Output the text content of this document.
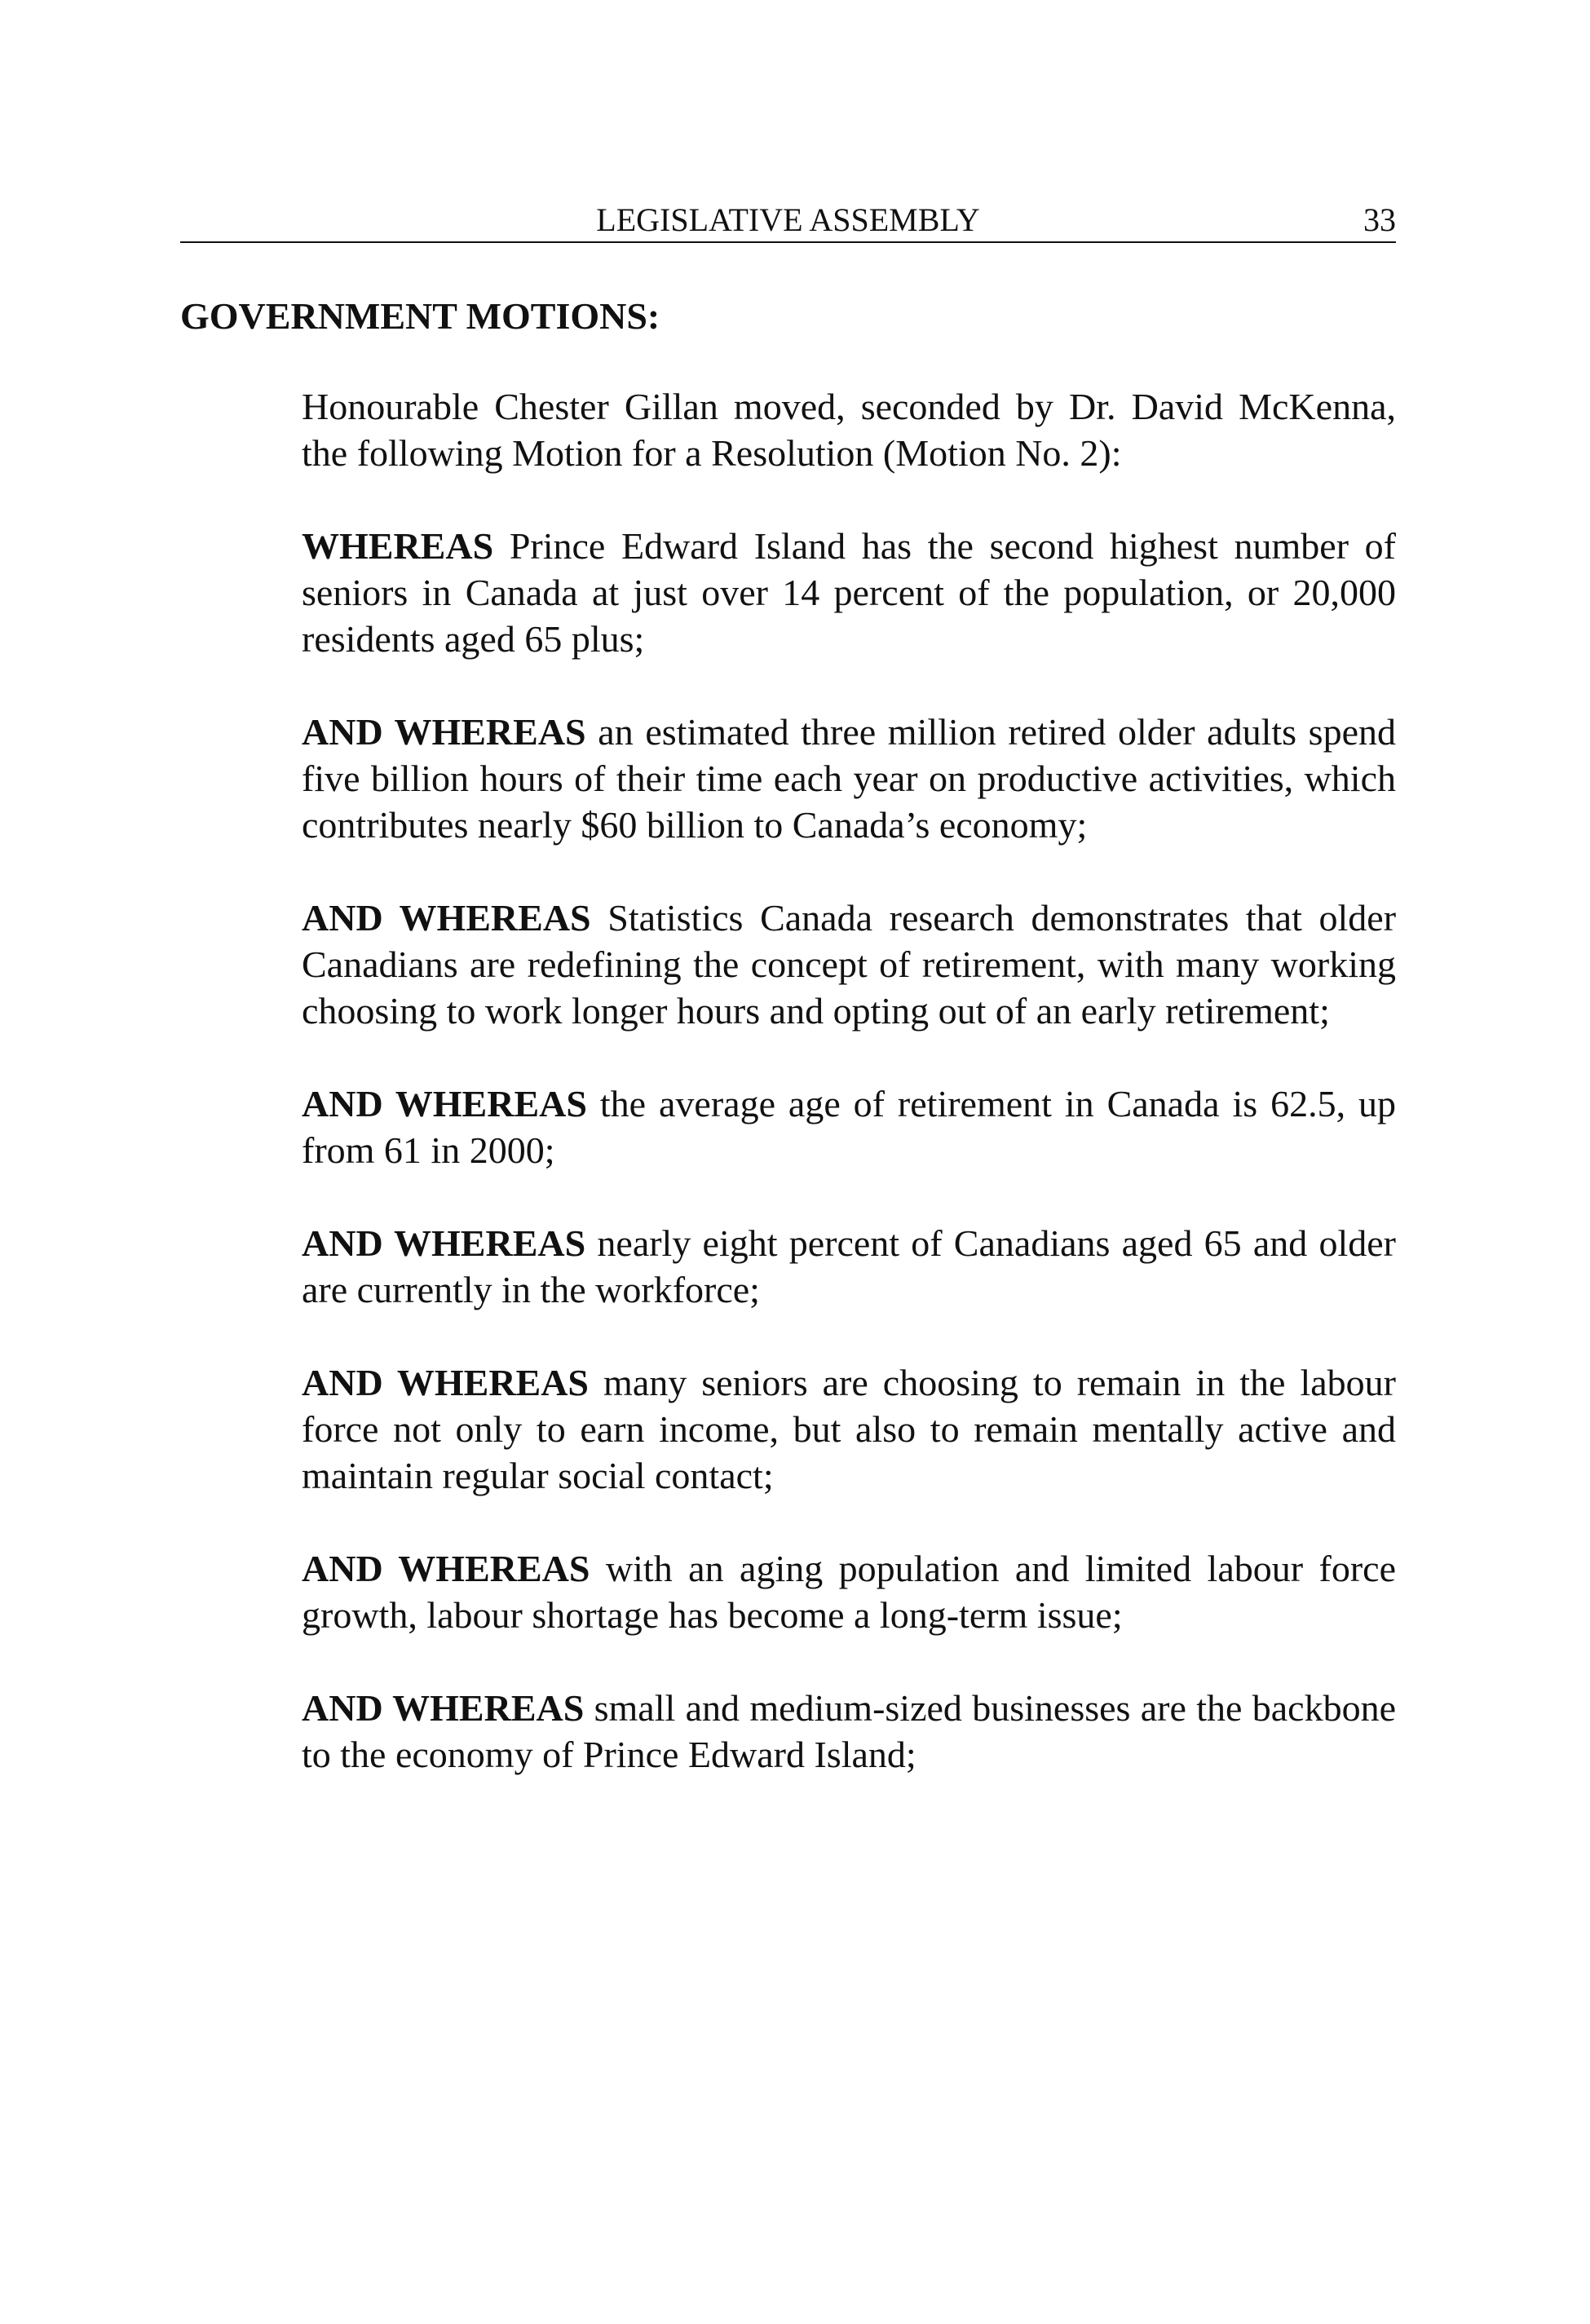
LEGISLATIVE ASSEMBLY	33
GOVERNMENT MOTIONS:

Honourable Chester Gillan moved, seconded by Dr. David McKenna, the following Motion for a Resolution (Motion No. 2):

WHEREAS Prince Edward Island has the second highest number of seniors in Canada at just over 14 percent of the population, or 20,000 residents aged 65 plus;

AND WHEREAS an estimated three million retired older adults spend five billion hours of their time each year on productive activities, which contributes nearly $60 billion to Canada’s economy;

AND WHEREAS Statistics Canada research demonstrates that older Canadians are redefining the concept of retirement, with many working choosing to work longer hours and opting out of an early retirement;

AND WHEREAS the average age of retirement in Canada is 62.5, up from 61 in 2000;

AND WHEREAS nearly eight percent of Canadians aged 65 and older are currently in the workforce;

AND WHEREAS many seniors are choosing to remain in the labour force not only to earn income, but also to remain mentally active and maintain regular social contact;

AND WHEREAS with an aging population and limited labour force growth, labour shortage has become a long-term issue;

AND WHEREAS small and medium-sized businesses are the backbone to the economy of Prince Edward Island;
